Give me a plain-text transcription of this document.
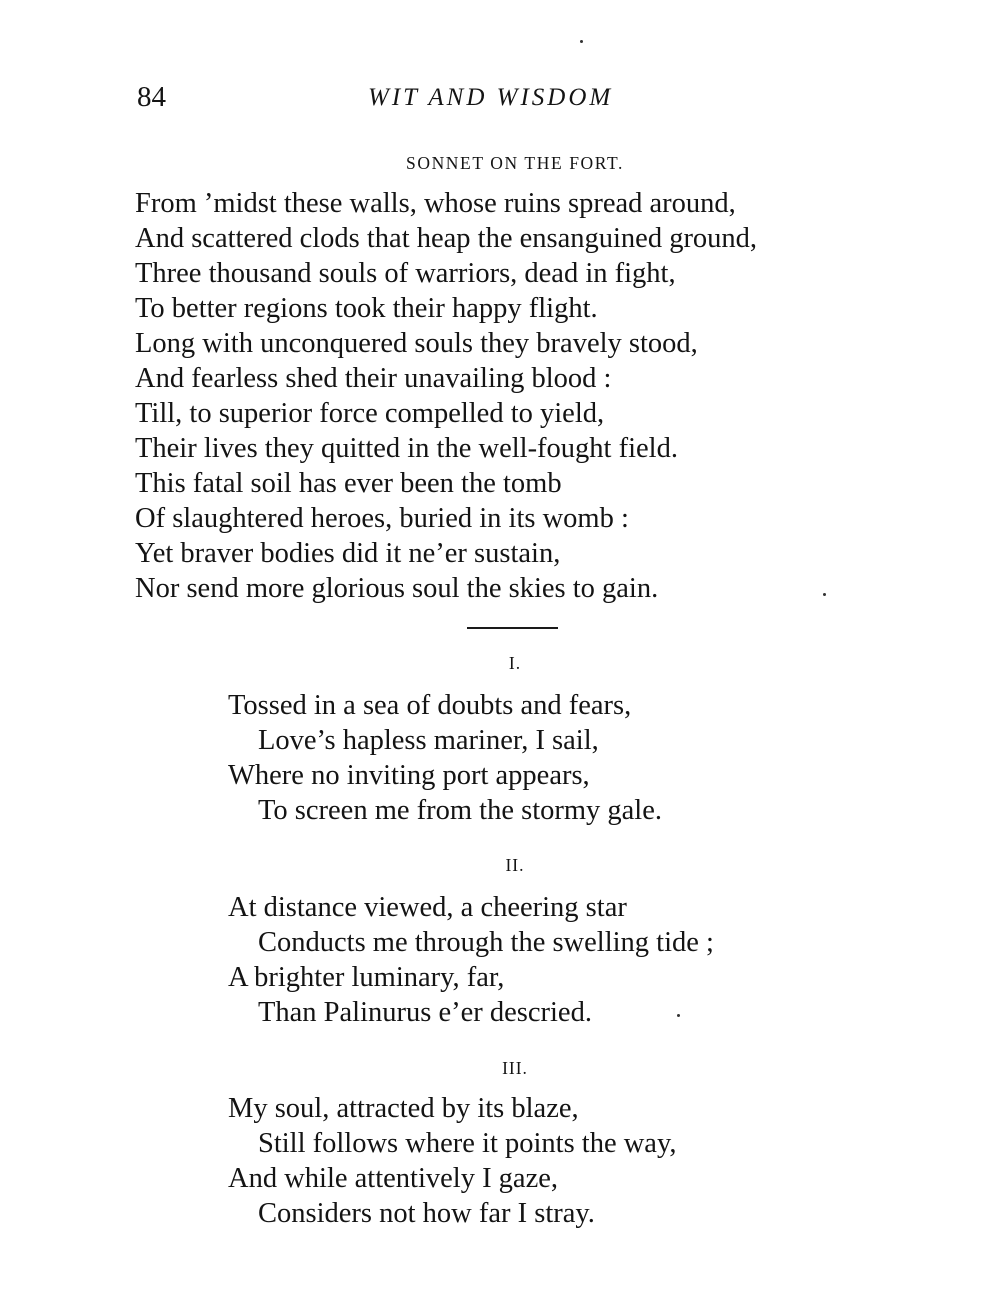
84	WIT AND WISDOM
SONNET ON THE FORT.
From ’midst these walls, whose ruins spread around,
And scattered clods that heap the ensanguined ground,
Three thousand souls of warriors, dead in fight,
To better regions took their happy flight.
Long with unconquered souls they bravely stood,
And fearless shed their unavailing blood :
Till, to superior force compelled to yield,
Their lives they quitted in the well-fought field.
This fatal soil has ever been the tomb
Of slaughtered heroes, buried in its womb :
Yet braver bodies did it ne’er sustain,
Nor send more glorious soul the skies to gain.
I.
Tossed in a sea of doubts and fears,
Love’s hapless mariner, I sail,
Where no inviting port appears,
To screen me from the stormy gale.
II.
At distance viewed, a cheering star
Conducts me through the swelling tide ;
A brighter luminary, far,
Than Palinurus e’er descried.
III.
My soul, attracted by its blaze,
Still follows where it points the way,
And while attentively I gaze,
Considers not how far I stray.
